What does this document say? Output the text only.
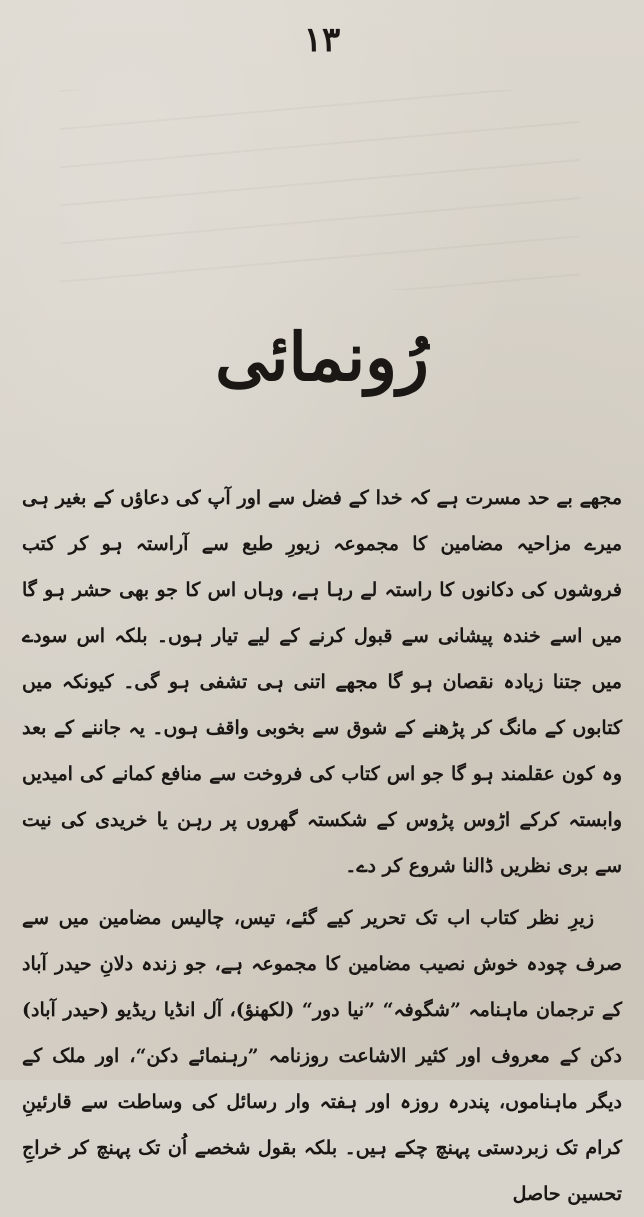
١٣
رُونمائی

مجھے بے حد مسرت ہے کہ خدا کے فضل سے اور آپ کی دعاؤں کے بغیر ہی میرے مزاحیہ مضامین کا مجموعہ زیورِ طبع سے آراستہ ہو کر کتب فروشوں کی دکانوں کا راستہ لے رہا ہے، وہاں اس کا جو بھی حشر ہو گا میں اسے خندہ پیشانی سے قبول کرنے کے لیے تیار ہوں۔ بلکہ اس سودے میں جتنا زیادہ نقصان ہو گا مجھے اتنی ہی تشفی ہو گی۔ کیونکہ میں کتابوں کے مانگ کر پڑھنے کے شوق سے بخوبی واقف ہوں۔ یہ جاننے کے بعد وہ کون عقلمند ہو گا جو اس کتاب کی فروخت سے منافع کمانے کی امیدیں وابستہ کرکے اڑوس پڑوس کے شکستہ گھروں پر رہن یا خریدی کی نیت سے بری نظریں ڈالنا شروع کر دے۔

زیرِ نظر کتاب اب تک تحریر کیے گئے، تیس، چالیس مضامین میں سے صرف چودہ خوش نصیب مضامین کا مجموعہ ہے، جو زندہ دلانِ حیدر آباد کے ترجمان ماہنامہ ”شگوفہ“ ”نیا دور“ (لکھنؤ)، آل انڈیا ریڈیو (حیدر آباد) دکن کے معروف اور کثیر الاشاعت روزنامہ ”رہنمائے دکن“، اور ملک کے دیگر ماہناموں، پندرہ روزہ اور ہفتہ وار رسائل کی وساطت سے قارئینِ کرام تک زبردستی پہنچ چکے ہیں۔ بلکہ بقول شخصے اُن تک پہنچ کر خراجِ تحسین حاصل
